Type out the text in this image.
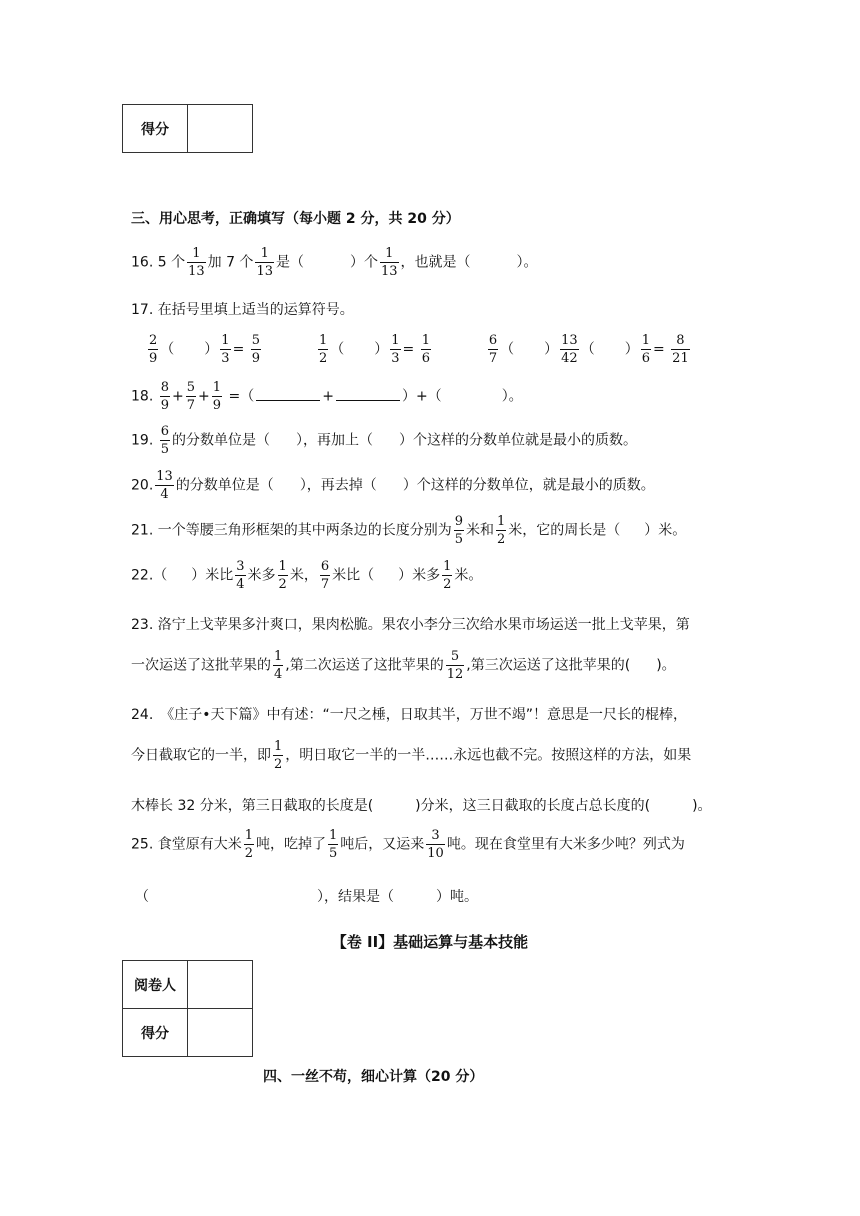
得分	
三、用心思考，正确填写（每小题 2 分，共 20 分）
16. 5 个 $\frac{1}{13}$ 加 7 个 $\frac{1}{13}$ 是（	）个 $\frac{1}{13}$ ，也就是（	）。
17. 在括号里填上适当的运算符号。
$\frac{2}{9}$ （ ） $\frac{1}{3} = \frac{5}{9}$
	$\frac{1}{2}$ （ ） $\frac{1}{3} = \frac{1}{6}$
	$\frac{6}{7}$ （ ） $\frac{13}{42}$ （ ） $\frac{1}{6} = \frac{8}{21}$
18. $\frac{8}{9} + \frac{5}{7} + \frac{1}{9}$ =（	+	）+（	）。
19. $\frac{6}{5}$ 的分数单位是（ ），再加上（ ）个这样的分数单位就是最小的质数。
20. $\frac{13}{4}$ 的分数单位是（ ），再去掉（ ）个这样的分数单位，就是最小的质数。
21. 一个等腰三角形框架的其中两条边的长度分别为 $\frac{9}{5}$ 米和 $\frac{1}{2}$ 米，它的周长是（ ）米。
22.（ ）米比 $\frac{3}{4}$ 米多 $\frac{1}{2}$ 米， $\frac{6}{7}$ 米比（ ）米多 $\frac{1}{2}$ 米。
23. 洛宁上戈苹果多汁爽口，果肉松脆。果农小李分三次给水果市场运送一批上戈苹果，第
一次运送了这批苹果的 $\frac{1}{4}$ ,第二次运送了这批苹果的 $\frac{5}{12}$ ,第三次运送了这批苹果的( )。
24.　《庄子•天下篇》中有述：“一尺之棰，日取其半，万世不竭”！意思是一尺长的棍棒，
今日截取它的一半，即 $\frac{1}{2}$ ，明日取它一半的一半……永远也截不完。按照这样的方法，如果
木棒长 32 分米，第三日截取的长度是(　　　)分米，这三日截取的长度占总长度的(　　　)。
25. 食堂原有大米 $\frac{1}{2}$ 吨，吃掉了 $\frac{1}{5}$ 吨后，又运来 $\frac{3}{10}$ 吨。现在食堂里有大米多少吨？列式为
（　　　　　　　　　　　　），结果是（　　　）吨。
【卷 II】基础运算与基本技能
阅卷人	
得分	
四、一丝不苟，细心计算（20 分）
